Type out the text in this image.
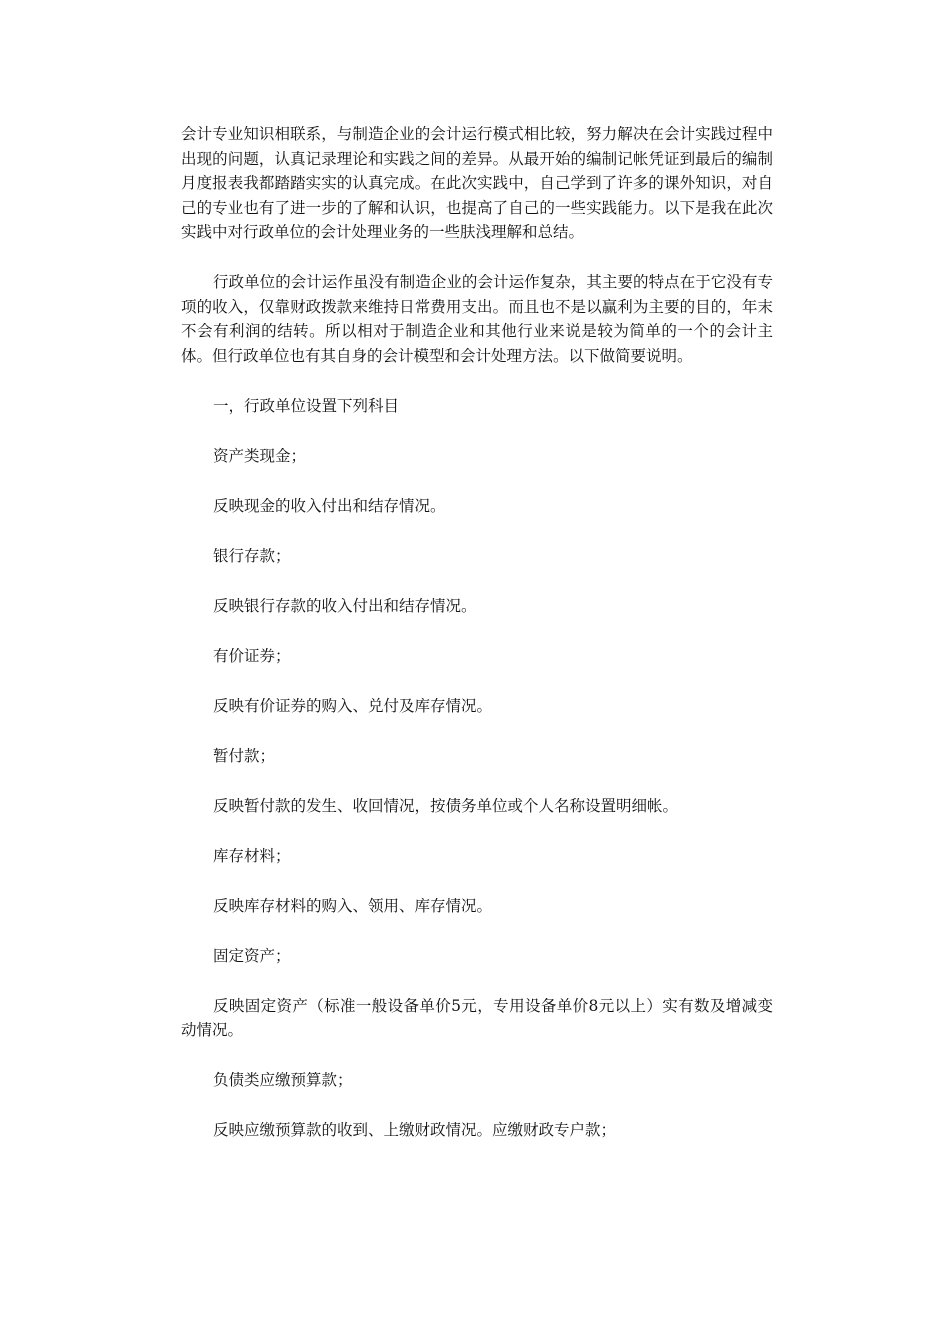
会计专业知识相联系，与制造企业的会计运行模式相比较，努力解决在会计实践过程中出现的问题，认真记录理论和实践之间的差异。从最开始的编制记帐凭证到最后的编制月度报表我都踏踏实实的认真完成。在此次实践中，自己学到了许多的课外知识，对自己的专业也有了进一步的了解和认识，也提高了自己的一些实践能力。以下是我在此次实践中对行政单位的会计处理业务的一些肤浅理解和总结。

行政单位的会计运作虽没有制造企业的会计运作复杂，其主要的特点在于它没有专项的收入，仅靠财政拨款来维持日常费用支出。而且也不是以赢利为主要的目的，年末不会有利润的结转。所以相对于制造企业和其他行业来说是较为简单的一个的会计主体。但行政单位也有其自身的会计模型和会计处理方法。以下做简要说明。

一，行政单位设置下列科目

资产类现金；

反映现金的收入付出和结存情况。

银行存款；

反映银行存款的收入付出和结存情况。

有价证券；

反映有价证券的购入、兑付及库存情况。

暂付款；

反映暂付款的发生、收回情况，按债务单位或个人名称设置明细帐。

库存材料；

反映库存材料的购入、领用、库存情况。

固定资产；

反映固定资产（标准一般设备单价5元，专用设备单价8元以上）实有数及增减变动情况。

负债类应缴预算款；

反映应缴预算款的收到、上缴财政情况。应缴财政专户款；
